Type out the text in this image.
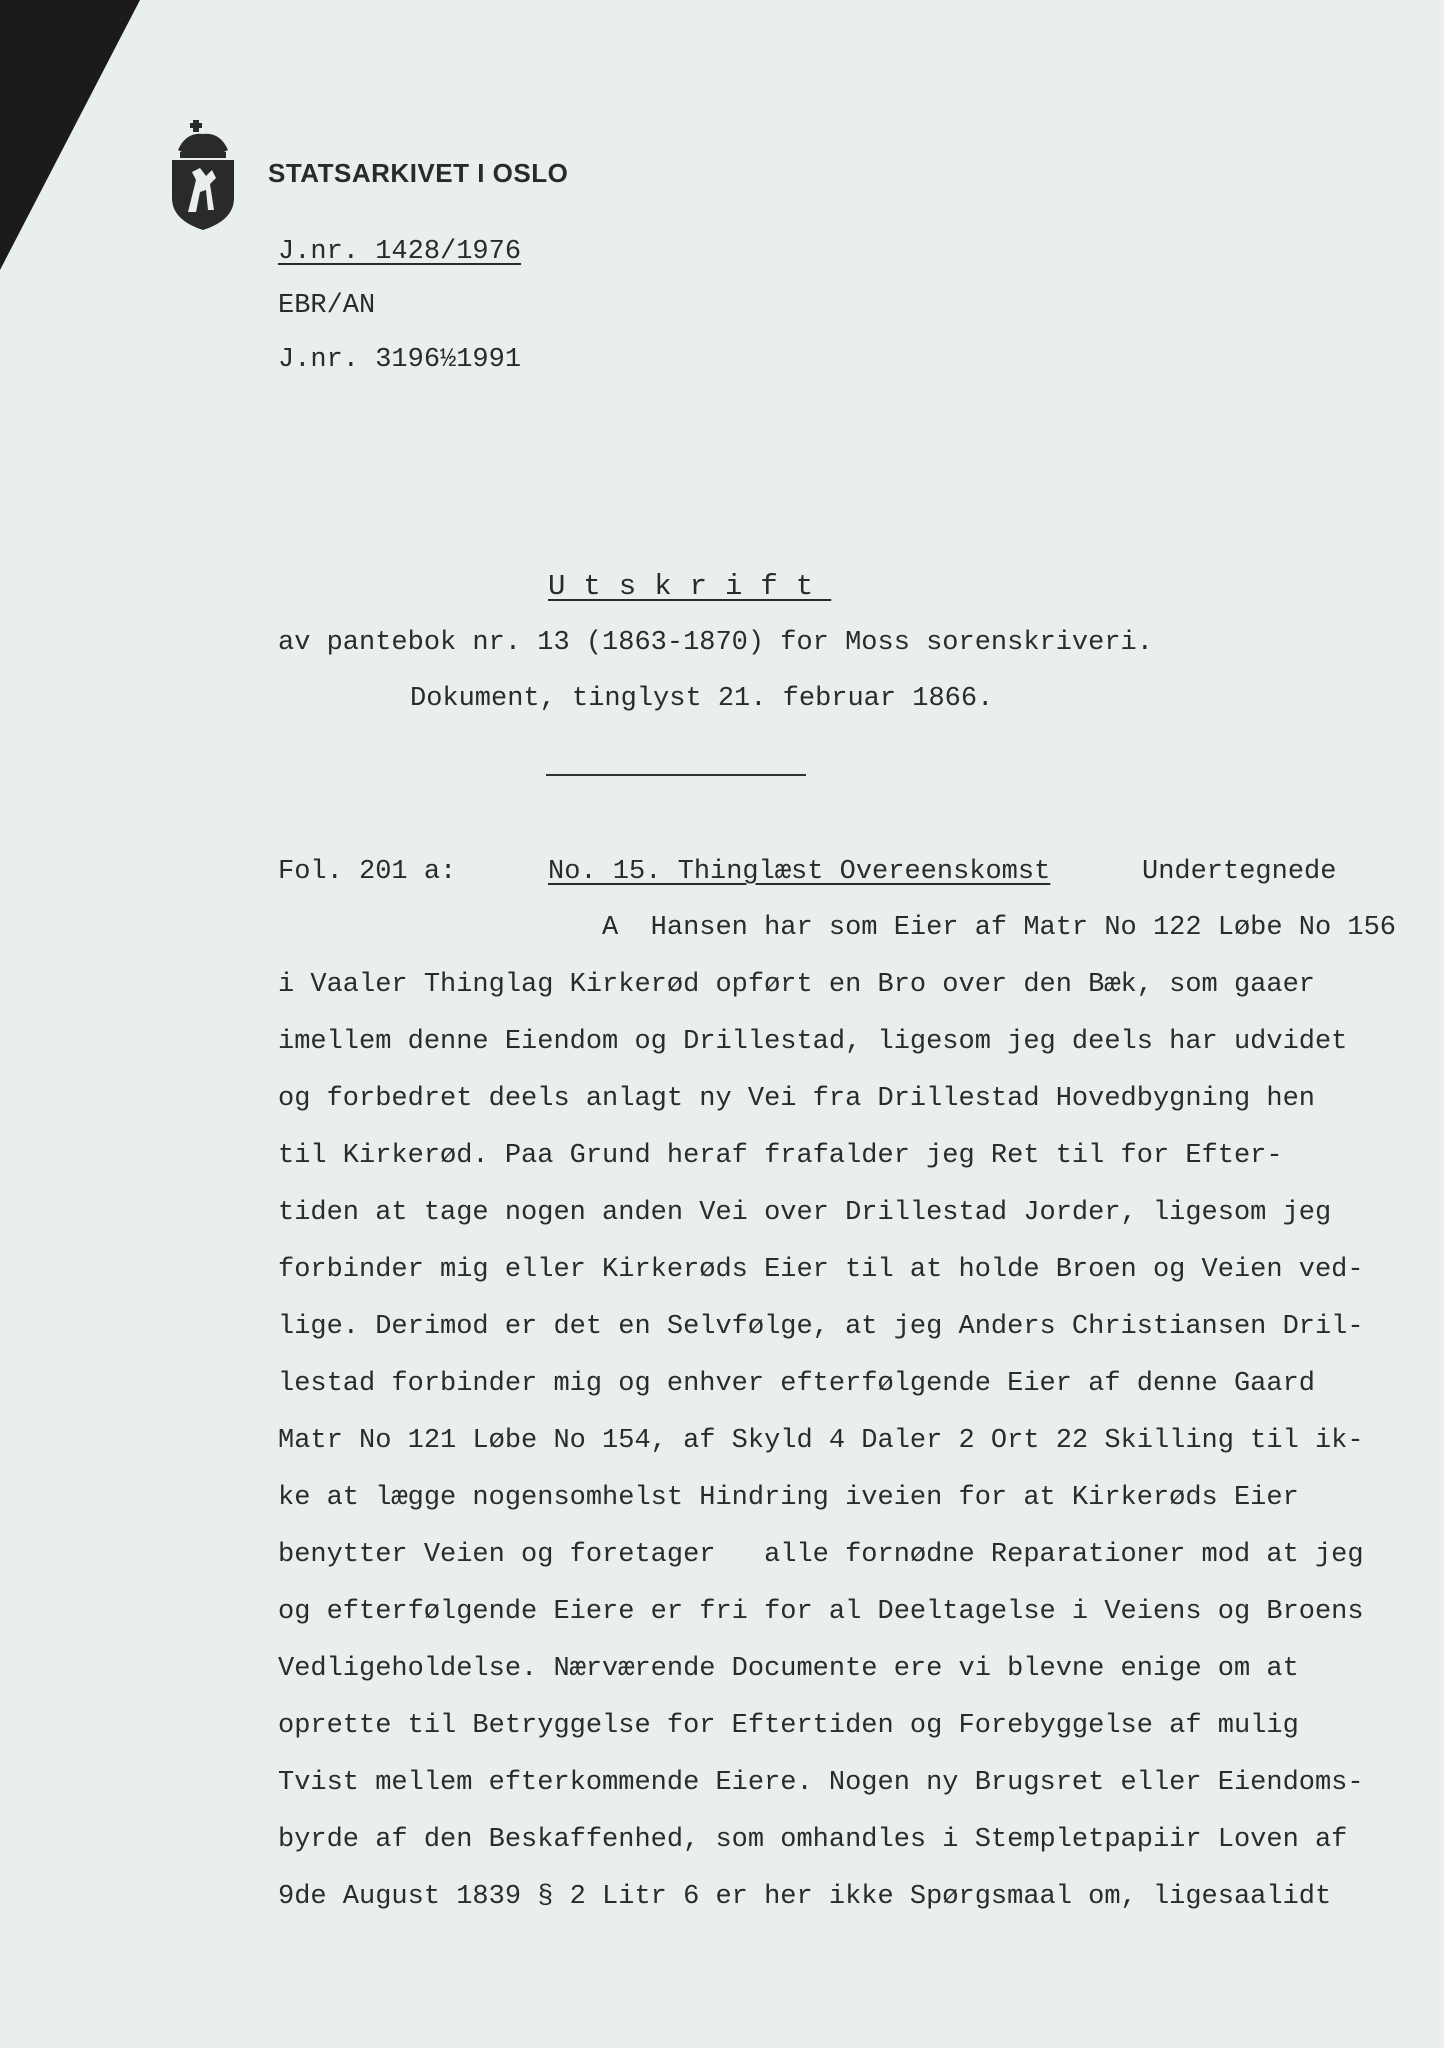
STATSARKIVET I OSLO
J.nr. 1428/1976
EBR/AN
J.nr. 3196½1991
Utskrift
av pantebok nr. 13 (1863-1870) for Moss sorenskriveri.
Dokument, tinglyst 21. februar 1866.
Fol. 201 a:	No. 15. Thinglæst Overeenskomst	Undertegnede
A  Hansen har som Eier af Matr No 122 Løbe No 156
i Vaaler Thinglag Kirkerød opført en Bro over den Bæk, som gaaer
imellem denne Eiendom og Drillestad, ligesom jeg deels har udvidet
og forbedret deels anlagt ny Vei fra Drillestad Hovedbygning hen
til Kirkerød. Paa Grund heraf frafalder jeg Ret til for Efter-
tiden at tage nogen anden Vei over Drillestad Jorder, ligesom jeg
forbinder mig eller Kirkerøds Eier til at holde Broen og Veien ved-
lige. Derimod er det en Selvfølge, at jeg Anders Christiansen Dril-
lestad forbinder mig og enhver efterfølgende Eier af denne Gaard
Matr No 121 Løbe No 154, af Skyld 4 Daler 2 Ort 22 Skilling til ik-
ke at lægge nogensomhelst Hindring iveien for at Kirkerøds Eier
benytter Veien og foretager   alle fornødne Reparationer mod at jeg
og efterfølgende Eiere er fri for al Deeltagelse i Veiens og Broens
Vedligeholdelse. Nærværende Documente ere vi blevne enige om at
oprette til Betryggelse for Eftertiden og Forebyggelse af mulig
Tvist mellem efterkommende Eiere. Nogen ny Brugsret eller Eiendoms-
byrde af den Beskaffenhed, som omhandles i Stempletpapiir Loven af
9de August 1839 § 2 Litr 6 er her ikke Spørgsmaal om, ligesaalidt
